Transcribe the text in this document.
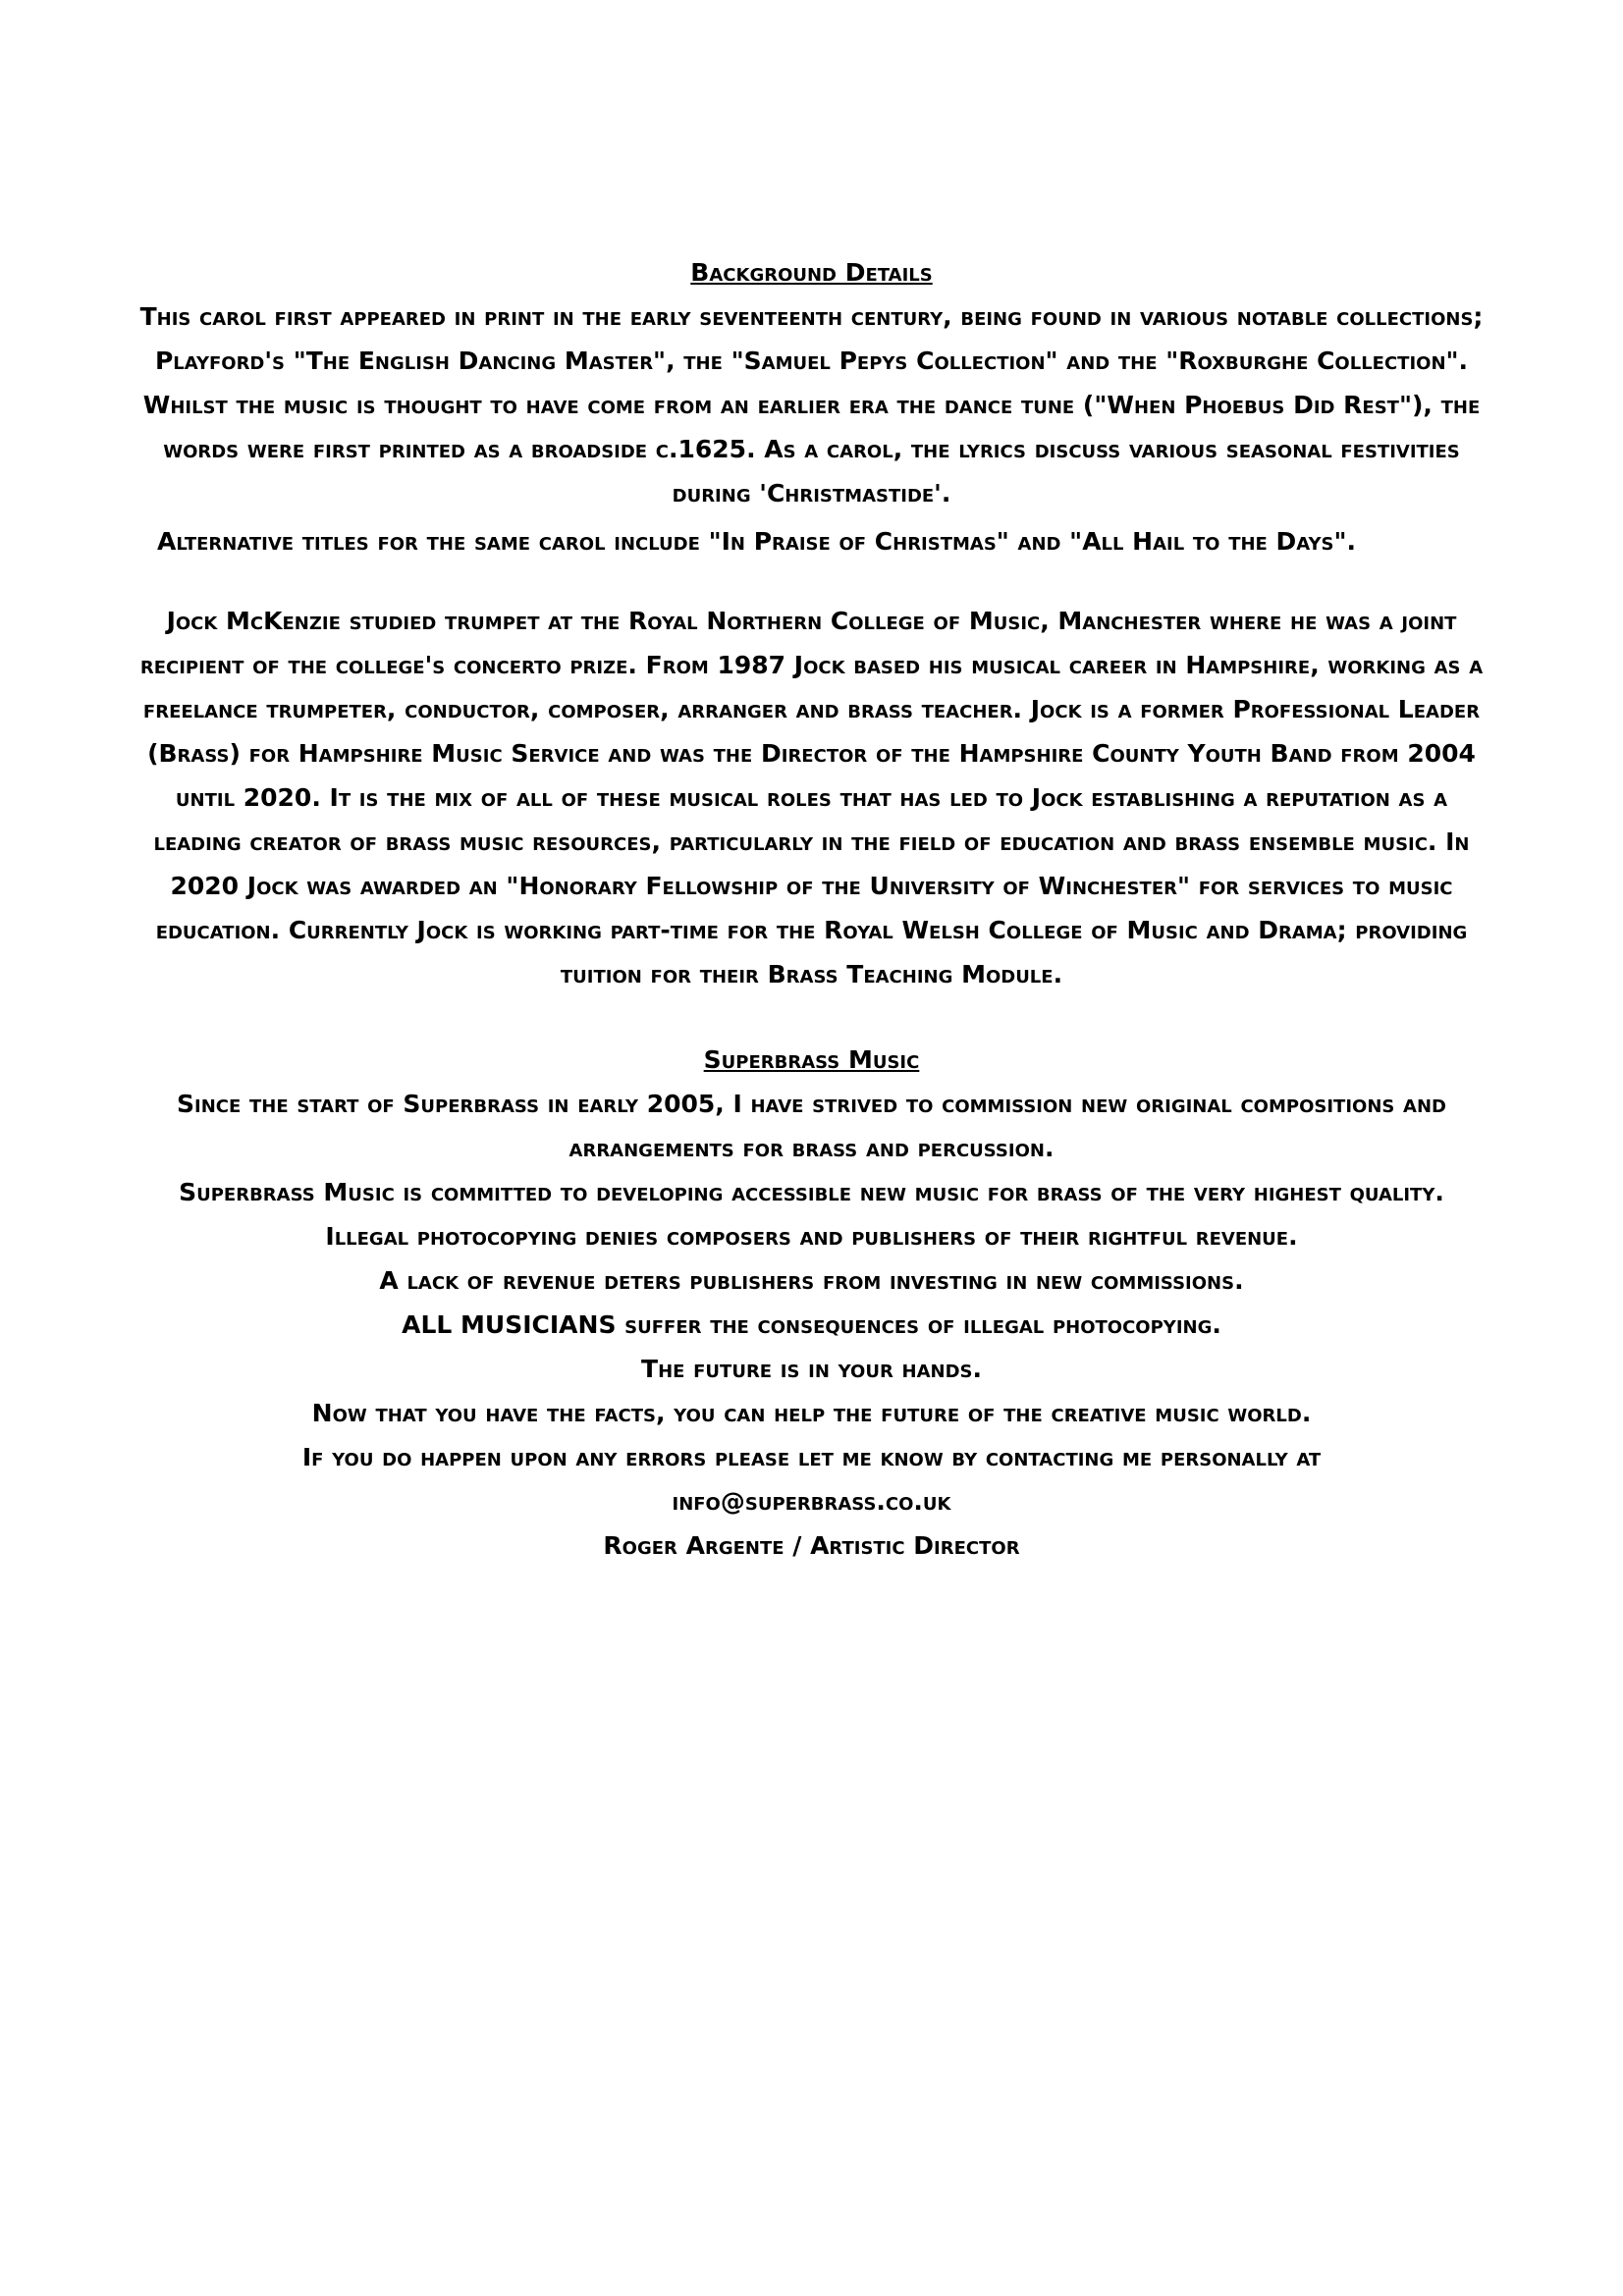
Background Details

This carol first appeared in print in the early seventeenth century, being found in various notable collections; Playford's "The English Dancing Master", the "Samuel Pepys Collection" and the "Roxburghe Collection". Whilst the music is thought to have come from an earlier era the dance tune ("When Phoebus Did Rest"), the words were first printed as a broadside c.1625. As a carol, the lyrics discuss various seasonal festivities during 'Christmastide'.

Alternative titles for the same carol include "In Praise of Christmas" and "All Hail to the Days".

Jock McKenzie studied trumpet at the Royal Northern College of Music, Manchester where he was a joint recipient of the college's concerto prize. From 1987 Jock based his musical career in Hampshire, working as a freelance trumpeter, conductor, composer, arranger and brass teacher. Jock is a former Professional Leader (Brass) for Hampshire Music Service and was the Director of the Hampshire County Youth Band from 2004 until 2020. It is the mix of all of these musical roles that has led to Jock establishing a reputation as a leading creator of brass music resources, particularly in the field of education and brass ensemble music. In 2020 Jock was awarded an "Honorary Fellowship of the University of Winchester" for services to music education. Currently Jock is working part-time for the Royal Welsh College of Music and Drama; providing tuition for their Brass Teaching Module.

Superbrass Music

Since the start of Superbrass in early 2005, I have strived to commission new original compositions and arrangements for brass and percussion.

Superbrass Music is committed to developing accessible new music for brass of the very highest quality.

Illegal photocopying denies composers and publishers of their rightful revenue.

A lack of revenue deters publishers from investing in new commissions.

ALL MUSICIANS suffer the consequences of illegal photocopying.

The future is in your hands.

Now that you have the facts, you can help the future of the creative music world.

If you do happen upon any errors please let me know by contacting me personally at

info@superbrass.co.uk

Roger Argente / Artistic Director
